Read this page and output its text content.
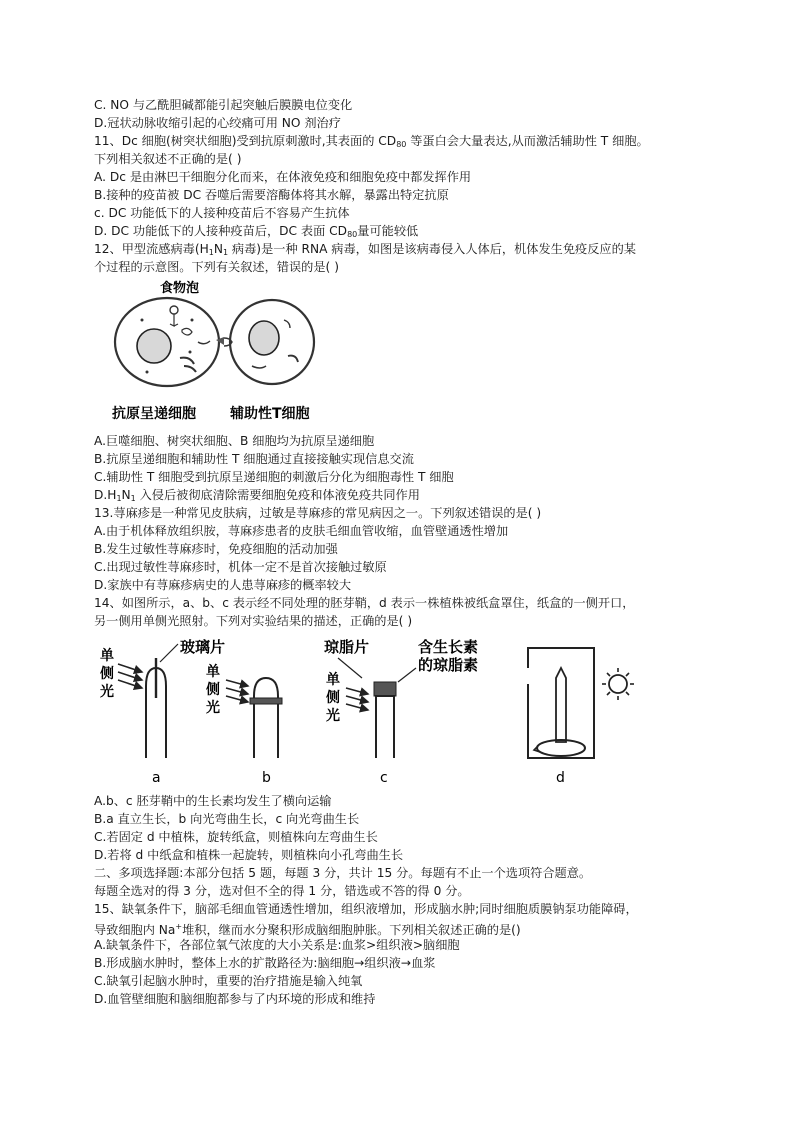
C. NO 与乙酰胆碱都能引起突触后膜膜电位变化
D.冠状动脉收缩引起的心绞痛可用 NO 剂治疗
11、Dc 细胞(树突状细胞)受到抗原刺激时,其表面的 $CD_{80}$ 等蛋白会大量表达,从而激活辅助性 T 细胞。
下列相关叙述不正确的是( )
A. Dc 是由淋巴干细胞分化而来，在体液免疫和细胞免疫中都发挥作用
B.接种的疫苗被 DC 吞噬后需要溶酶体将其水解，暴露出特定抗原
c. DC 功能低下的人接种疫苗后不容易产生抗体
D. DC 功能低下的人接种疫苗后，DC 表面 $CD_{80}$量可能较低
12、甲型流感病毒($H_1N_1$ 病毒)是一种 RNA 病毒，如图是该病毒侵入人体后，机体发生免疫反应的某
个过程的示意图。下列有关叙述，错误的是( )
食物泡
抗原呈递细胞 辅助性T细胞
A.巨噬细胞、树突状细胞、B 细胞均为抗原呈递细胞
B.抗原呈递细胞和辅助性 T 细胞通过直接接触实现信息交流
C.辅助性 T 细胞受到抗原呈递细胞的刺激后分化为细胞毒性 T 细胞
$D.H_1N_1$ 入侵后被彻底清除需要细胞免疫和体液免疫共同作用
13.荨麻疹是一种常见皮肤病，过敏是荨麻疹的常见病因之一。下列叙述错误的是( )
A.由于机体释放组织胺，荨麻疹患者的皮肤毛细血管收缩，血管壁通透性增加
B.发生过敏性荨麻疹时，免疫细胞的活动加强
C.出现过敏性荨麻疹时，机体一定不是首次接触过敏原
D.家族中有荨麻疹病史的人患荨麻疹的概率较大
14、如图所示，a、b、c 表示经不同处理的胚芽鞘，d 表示一株植株被纸盒罩住，纸盒的一侧开口，
另一侧用单侧光照射。下列对实验结果的描述，正确的是( )
单
侧
光
玻璃片
a
单
侧
光
b
琼脂片
单
侧
光
c
含生长素
的琼脂素
d
A.b、c 胚芽鞘中的生长素均发生了横向运输
B.a 直立生长，b 向光弯曲生长，c 向光弯曲生长
C.若固定 d 中植株，旋转纸盒，则植株向左弯曲生长
D.若将 d 中纸盒和植株一起旋转，则植株向小孔弯曲生长
二、多项选择题:本部分包括 5 题，每题 3 分，共计 15 分。每题有不止一个选项符合题意。
每题全选对的得 3 分，选对但不全的得 1 分，错选或不答的得 0 分。
15、缺氧条件下，脑部毛细血管通透性增加，组织液增加，形成脑水肿;同时细胞质膜钠泵功能障碍，
导致细胞内 Na+堆积，继而水分聚积形成脑细胞肿胀。下列相关叙述正确的是()
A.缺氧条件下，各部位氧气浓度的大小关系是:血浆>组织液>脑细胞
B.形成脑水肿时，整体上水的扩散路径为:脑细胞→组织液→血浆
C.缺氧引起脑水肿时，重要的治疗措施是输入纯氧
D.血管壁细胞和脑细胞都参与了内环境的形成和维持
